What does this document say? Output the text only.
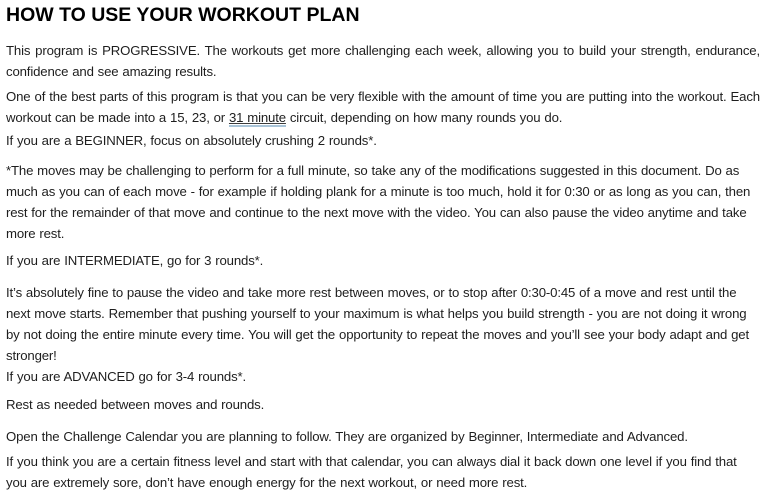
HOW TO USE YOUR WORKOUT PLAN

This program is PROGRESSIVE. The workouts get more challenging each week, allowing you to build your strength, endurance, confidence and see amazing results.

One of the best parts of this program is that you can be very flexible with the amount of time you are putting into the workout. Each workout can be made into a 15, 23, or 31 minute circuit, depending on how many rounds you do.

If you are a BEGINNER, focus on absolutely crushing 2 rounds*.

*The moves may be challenging to perform for a full minute, so take any of the modifications suggested in this document. Do as much as you can of each move - for example if holding plank for a minute is too much, hold it for 0:30 or as long as you can, then rest for the remainder of that move and continue to the next move with the video. You can also pause the video anytime and take more rest.

If you are INTERMEDIATE, go for 3 rounds*.

It’s absolutely fine to pause the video and take more rest between moves, or to stop after 0:30-0:45 of a move and rest until the next move starts. Remember that pushing yourself to your maximum is what helps you build strength - you are not doing it wrong by not doing the entire minute every time. You will get the opportunity to repeat the moves and you’ll see your body adapt and get stronger!

If you are ADVANCED go for 3-4 rounds*.

Rest as needed between moves and rounds.

Open the Challenge Calendar you are planning to follow. They are organized by Beginner, Intermediate and Advanced.

If you think you are a certain fitness level and start with that calendar, you can always dial it back down one level if you find that you are extremely sore, don’t have enough energy for the next workout, or need more rest.
